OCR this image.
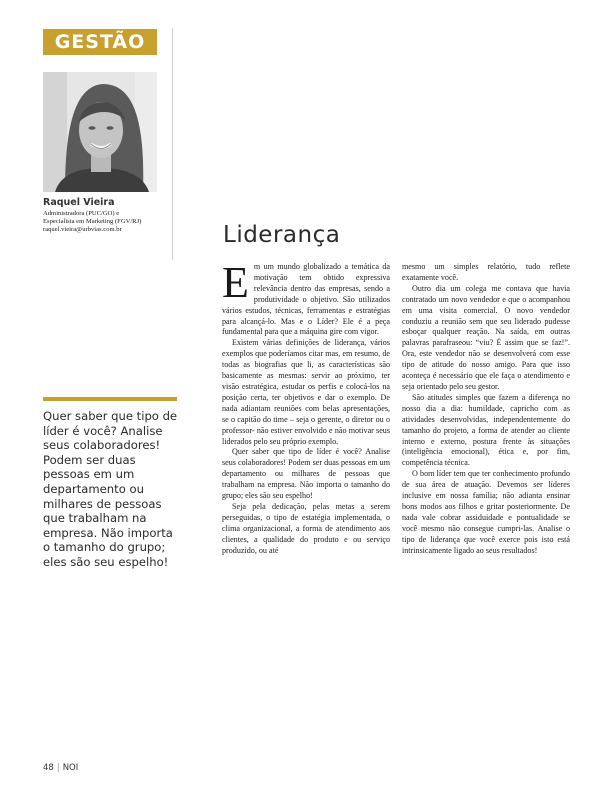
GESTÃO
Raquel Vieira
Administradora (PUC/GO) e
Especialista em Marketing (FGV/RJ)
raquel.vieira@urbvias.com.br	Liderança
Quer saber que tipo de líder é você? Analise seus colaboradores! Podem ser duas pessoas em um departamento ou milhares de pessoas que trabalham na empresa. Não importa o tamanho do grupo; eles são seu espelho!

Em um mundo globalizado a temática da motivação tem obtido expressiva relevância dentro das empresas, sendo a produtividade o objetivo. São utilizados vários estudos, técnicas, ferramentas e estratégias para alcançá-lo. Mas e o Líder? Ele é a peça fundamental para que a máquina gire com vigor.

Existem várias definições de liderança, vários exemplos que poderíamos citar mas, em resumo, de todas as biografias que li, as características são basicamente as mesmas: servir ao próximo, ter visão estratégica, estudar os perfis e colocá-los na posição certa, ter objetivos e dar o exemplo. De nada adiantam reuniões com belas apresentações, se o capitão do time – seja o gerente, o diretor ou o professor- não estiver envolvido e não motivar seus liderados pelo seu próprio exemplo.

Quer saber que tipo de líder é você? Analise seus colaboradores! Podem ser duas pessoas em um departamento ou milhares de pessoas que trabalham na empresa. Não importa o tamanho do grupo; eles são seu espelho!

Seja pela dedicação, pelas metas a serem perseguidas, o tipo de estatégia implementada, o clima organizacional, a forma de atendimento aos clientes, a qualidade do produto e ou serviço produzido, ou até

mesmo um simples relatório, tudo reflete exatamente você.

Outro dia um colega me contava que havia contratado um novo vendedor e que o acompanhou em uma visita comercial. O novo vendedor conduziu a reunião sem que seu liderado pudesse esboçar qualquer reação. Na saída, em outras palavras parafraseou: “viu? É assim que se faz!”. Ora, este vendedor não se desenvolverá com esse tipo de atitude do nosso amigo. Para que isso aconteça é necessário que ele faça o atendimento e seja orientado pelo seu gestor.

São atitudes simples que fazem a diferença no nosso dia a dia: humildade, capricho com as atividades desenvolvidas, independentemente do tamanho do projeto, a forma de atender ao cliente interno e externo, postura frente às situações (inteligência emocional), ética e, por fim, competência técnica.

O bom líder tem que ter conhecimento profundo de sua área de atuação. Devemos ser líderes inclusive em nossa família; não adianta ensinar bons modos aos filhos e gritar posteriormente. De nada vale cobrar assiduidade e pontualidade se você mesmo não consegue cumpri-las. Analise o tipo de liderança que você exerce pois isto está intrinsicamente ligado ao seus resultados!

48 | NOI
